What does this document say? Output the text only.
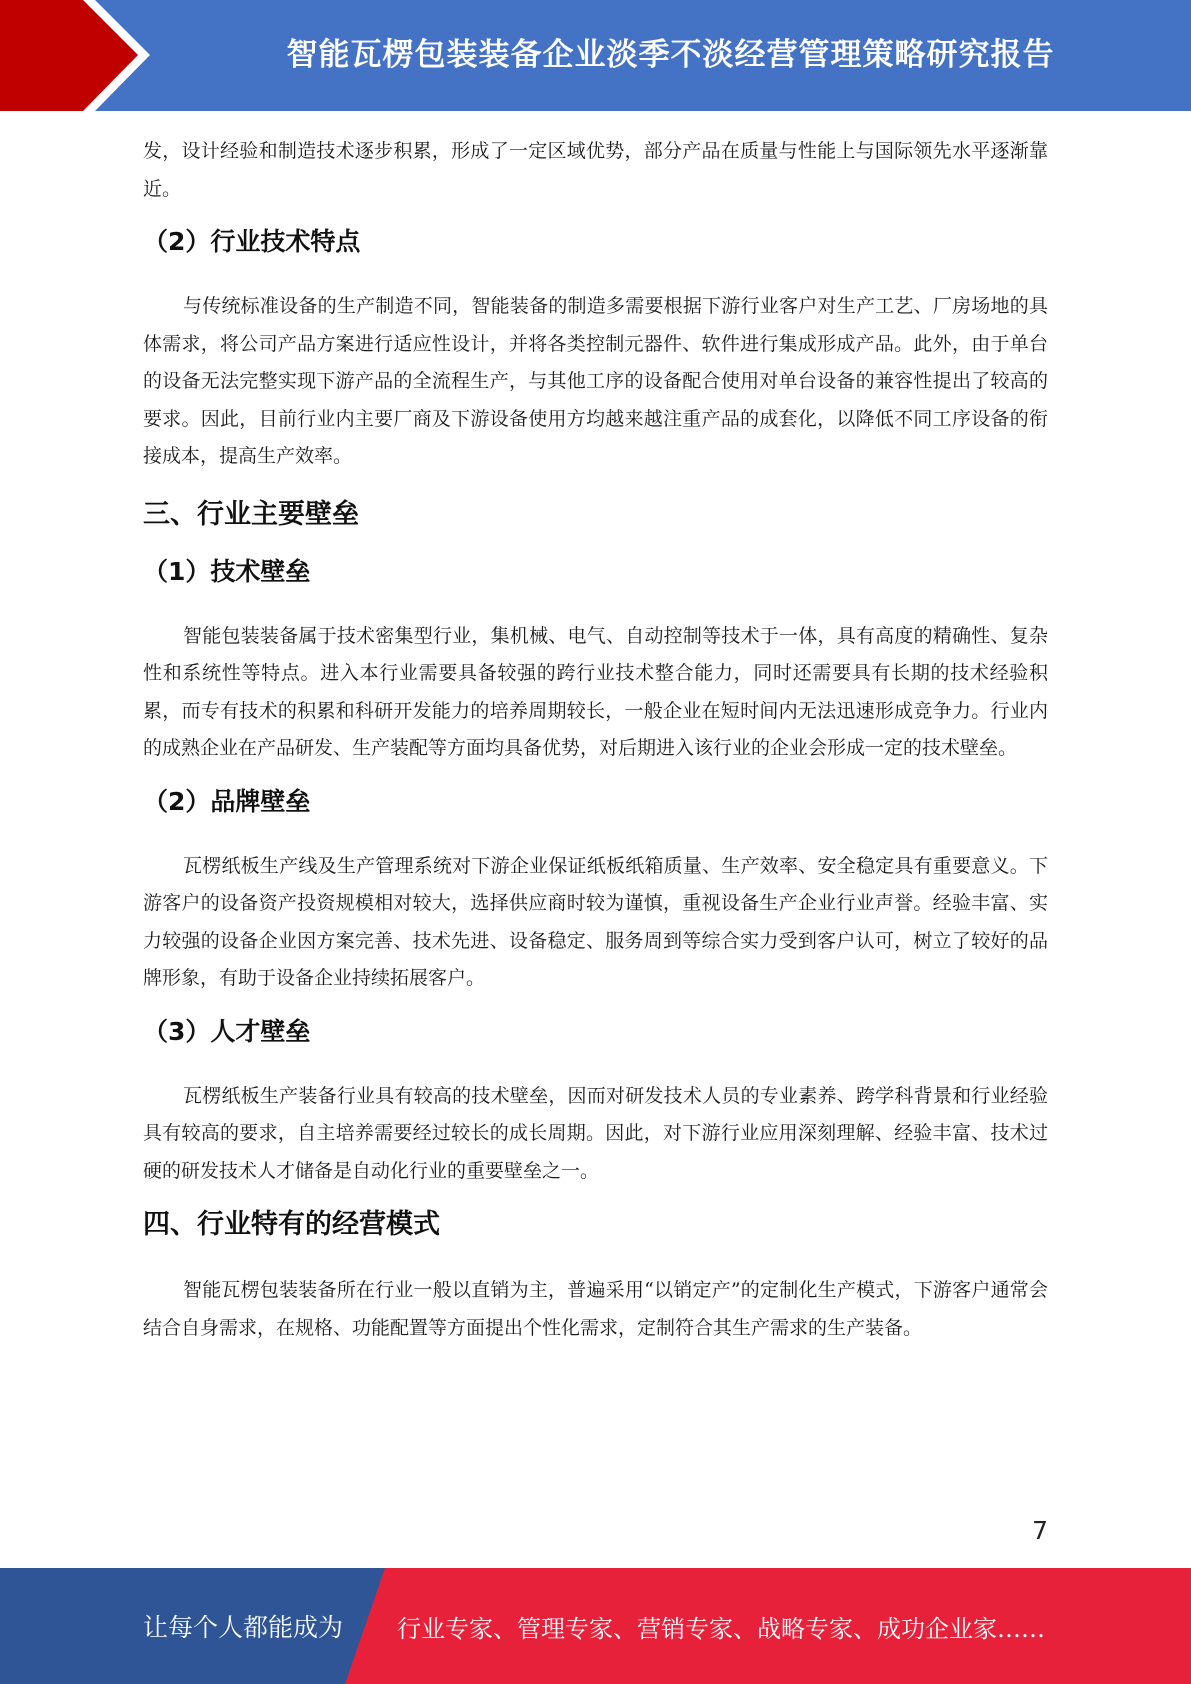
智能瓦楞包装装备企业淡季不淡经营管理策略研究报告

发，设计经验和制造技术逐步积累，形成了一定区域优势，部分产品在质量与性能上与国际领先水平逐渐靠近。

（2）行业技术特点

与传统标准设备的生产制造不同，智能装备的制造多需要根据下游行业客户对生产工艺、厂房场地的具体需求，将公司产品方案进行适应性设计，并将各类控制元器件、软件进行集成形成产品。此外，由于单台的设备无法完整实现下游产品的全流程生产，与其他工序的设备配合使用对单台设备的兼容性提出了较高的要求。因此，目前行业内主要厂商及下游设备使用方均越来越注重产品的成套化，以降低不同工序设备的衔接成本，提高生产效率。

三、行业主要壁垒
（1）技术壁垒

智能包装装备属于技术密集型行业，集机械、电气、自动控制等技术于一体，具有高度的精确性、复杂性和系统性等特点。进入本行业需要具备较强的跨行业技术整合能力，同时还需要具有长期的技术经验积累，而专有技术的积累和科研开发能力的培养周期较长，一般企业在短时间内无法迅速形成竞争力。行业内的成熟企业在产品研发、生产装配等方面均具备优势，对后期进入该行业的企业会形成一定的技术壁垒。

（2）品牌壁垒

瓦楞纸板生产线及生产管理系统对下游企业保证纸板纸箱质量、生产效率、安全稳定具有重要意义。下游客户的设备资产投资规模相对较大，选择供应商时较为谨慎，重视设备生产企业行业声誉。经验丰富、实力较强的设备企业因方案完善、技术先进、设备稳定、服务周到等综合实力受到客户认可，树立了较好的品牌形象，有助于设备企业持续拓展客户。

（3）人才壁垒

瓦楞纸板生产装备行业具有较高的技术壁垒，因而对研发技术人员的专业素养、跨学科背景和行业经验具有较高的要求，自主培养需要经过较长的成长周期。因此，对下游行业应用深刻理解、经验丰富、技术过硬的研发技术人才储备是自动化行业的重要壁垒之一。

四、行业特有的经营模式

智能瓦楞包装装备所在行业一般以直销为主，普遍采用“以销定产”的定制化生产模式，下游客户通常会结合自身需求，在规格、功能配置等方面提出个性化需求，定制符合其生产需求的生产装备。

7
让每个人都能成为 行业专家、管理专家、营销专家、战略专家、成功企业家……
